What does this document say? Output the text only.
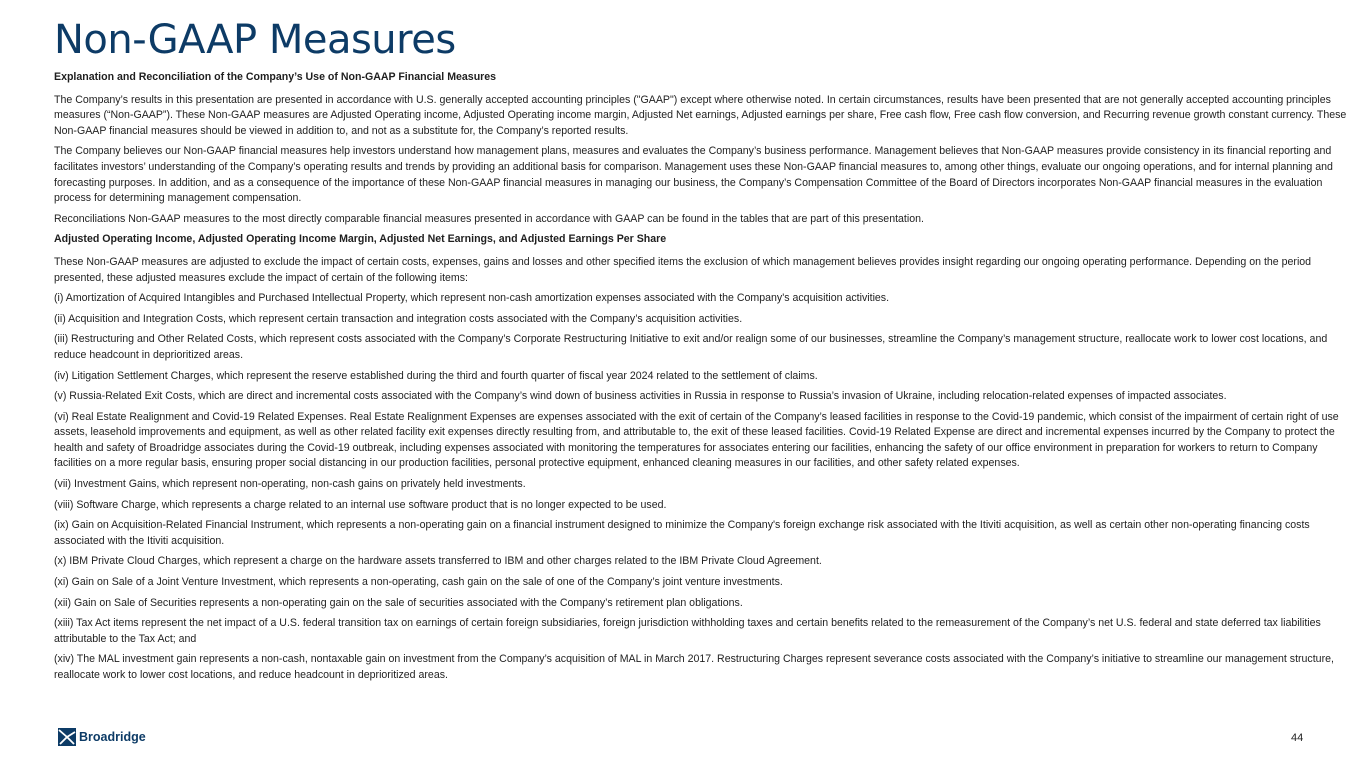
Non-GAAP Measures

Explanation and Reconciliation of the Company’s Use of Non-GAAP Financial Measures

The Company’s results in this presentation are presented in accordance with U.S. generally accepted accounting principles ("GAAP") except where otherwise noted. In certain circumstances, results have been presented that are not generally accepted accounting principles measures (“Non-GAAP”). These Non-GAAP measures are Adjusted Operating income, Adjusted Operating income margin, Adjusted Net earnings, Adjusted earnings per share, Free cash flow, Free cash flow conversion, and Recurring revenue growth constant currency. These Non-GAAP financial measures should be viewed in addition to, and not as a substitute for, the Company’s reported results.

The Company believes our Non-GAAP financial measures help investors understand how management plans, measures and evaluates the Company’s business performance. Management believes that Non-GAAP measures provide consistency in its financial reporting and facilitates investors’ understanding of the Company’s operating results and trends by providing an additional basis for comparison. Management uses these Non-GAAP financial measures to, among other things, evaluate our ongoing operations, and for internal planning and forecasting purposes. In addition, and as a consequence of the importance of these Non-GAAP financial measures in managing our business, the Company’s Compensation Committee of the Board of Directors incorporates Non-GAAP financial measures in the evaluation process for determining management compensation.

Reconciliations Non-GAAP measures to the most directly comparable financial measures presented in accordance with GAAP can be found in the tables that are part of this presentation.

Adjusted Operating Income, Adjusted Operating Income Margin, Adjusted Net Earnings, and Adjusted Earnings Per Share

These Non-GAAP measures are adjusted to exclude the impact of certain costs, expenses, gains and losses and other specified items the exclusion of which management believes provides insight regarding our ongoing operating performance. Depending on the period presented, these adjusted measures exclude the impact of certain of the following items:

(i) Amortization of Acquired Intangibles and Purchased Intellectual Property, which represent non-cash amortization expenses associated with the Company's acquisition activities.

(ii) Acquisition and Integration Costs, which represent certain transaction and integration costs associated with the Company’s acquisition activities.

(iii) Restructuring and Other Related Costs, which represent costs associated with the Company’s Corporate Restructuring Initiative to exit and/or realign some of our businesses, streamline the Company’s management structure, reallocate work to lower cost locations, and reduce headcount in deprioritized areas.

(iv) Litigation Settlement Charges, which represent the reserve established during the third and fourth quarter of fiscal year 2024 related to the settlement of claims.

(v) Russia-Related Exit Costs, which are direct and incremental costs associated with the Company’s wind down of business activities in Russia in response to Russia’s invasion of Ukraine, including relocation-related expenses of impacted associates.

(vi) Real Estate Realignment and Covid-19 Related Expenses. Real Estate Realignment Expenses are expenses associated with the exit of certain of the Company’s leased facilities in response to the Covid-19 pandemic, which consist of the impairment of certain right of use assets, leasehold improvements and equipment, as well as other related facility exit expenses directly resulting from, and attributable to, the exit of these leased facilities. Covid-19 Related Expense are direct and incremental expenses incurred by the Company to protect the health and safety of Broadridge associates during the Covid-19 outbreak, including expenses associated with monitoring the temperatures for associates entering our facilities, enhancing the safety of our office environment in preparation for workers to return to Company facilities on a more regular basis, ensuring proper social distancing in our production facilities, personal protective equipment, enhanced cleaning measures in our facilities, and other safety related expenses.

(vii) Investment Gains, which represent non-operating, non-cash gains on privately held investments.

(viii) Software Charge, which represents a charge related to an internal use software product that is no longer expected to be used.

(ix) Gain on Acquisition-Related Financial Instrument, which represents a non-operating gain on a financial instrument designed to minimize the Company's foreign exchange risk associated with the Itiviti acquisition, as well as certain other non-operating financing costs associated with the Itiviti acquisition.

(x) IBM Private Cloud Charges, which represent a charge on the hardware assets transferred to IBM and other charges related to the IBM Private Cloud Agreement.

(xi) Gain on Sale of a Joint Venture Investment, which represents a non-operating, cash gain on the sale of one of the Company’s joint venture investments.

(xii) Gain on Sale of Securities represents a non-operating gain on the sale of securities associated with the Company’s retirement plan obligations.

(xiii) Tax Act items represent the net impact of a U.S. federal transition tax on earnings of certain foreign subsidiaries, foreign jurisdiction withholding taxes and certain benefits related to the remeasurement of the Company’s net U.S. federal and state deferred tax liabilities attributable to the Tax Act; and

(xiv) The MAL investment gain represents a non-cash, nontaxable gain on investment from the Company’s acquisition of MAL in March 2017. Restructuring Charges represent severance costs associated with the Company’s initiative to streamline our management structure, reallocate work to lower cost locations, and reduce headcount in deprioritized areas.

Broadridge	44
